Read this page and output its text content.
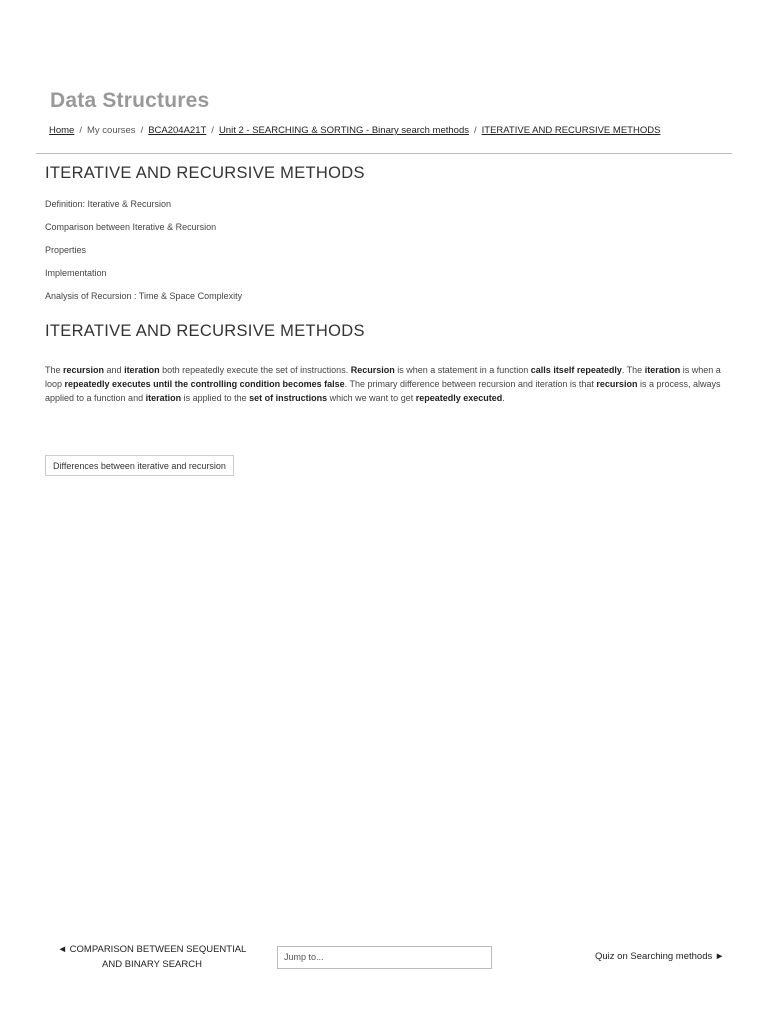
Data Structures
Home / My courses / BCA204A21T / Unit 2 - SEARCHING & SORTING - Binary search methods / ITERATIVE AND RECURSIVE METHODS
ITERATIVE AND RECURSIVE METHODS
Definition: Iterative & Recursion
Comparison between Iterative & Recursion
Properties
Implementation
Analysis of Recursion : Time & Space Complexity
ITERATIVE AND RECURSIVE METHODS

The recursion and iteration both repeatedly execute the set of instructions. Recursion is when a statement in a function calls itself repeatedly. The iteration is when a loop repeatedly executes until the controlling condition becomes false. The primary difference between recursion and iteration is that recursion is a process, always applied to a function and iteration is applied to the set of instructions which we want to get repeatedly executed.

Differences between iterative and recursion
◄ COMPARISON BETWEEN SEQUENTIAL AND BINARY SEARCH
Jump to...	Quiz on Searching methods ►
